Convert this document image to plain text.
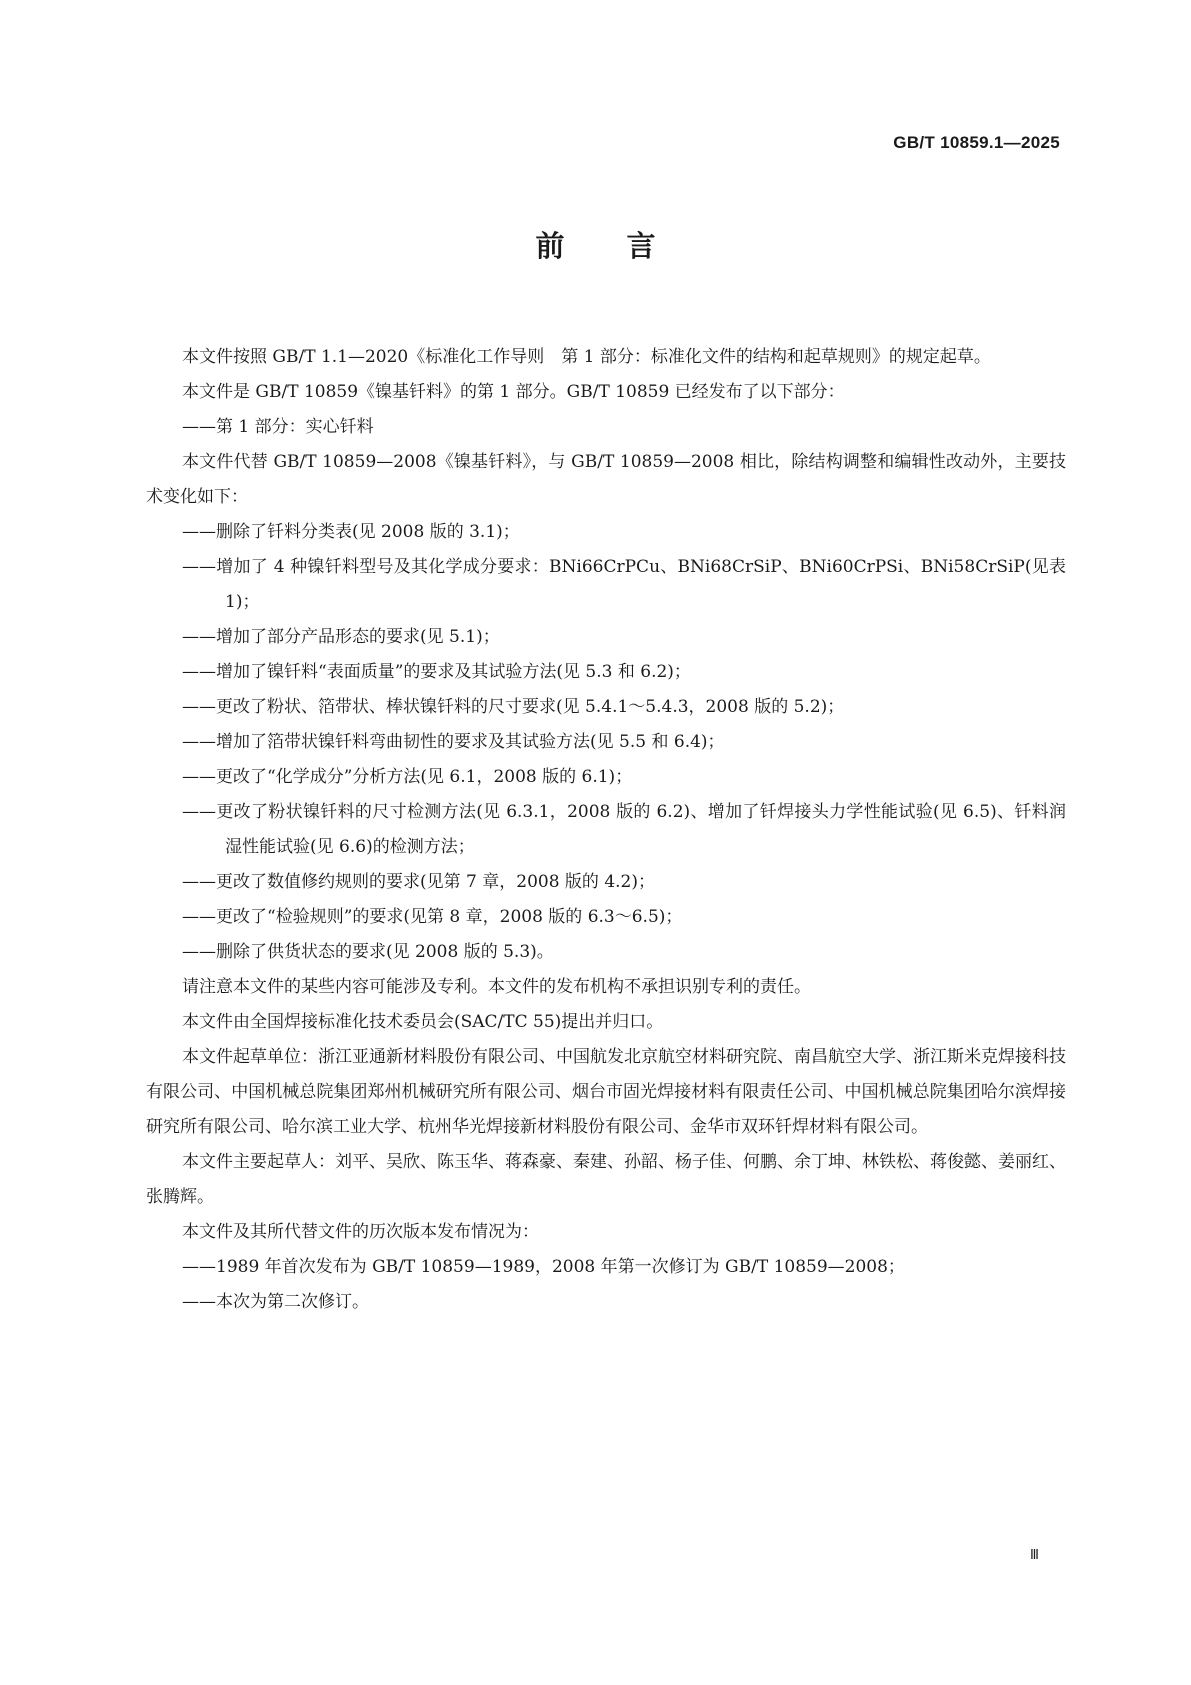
GB/T 10859.1—2025
前言

本文件按照 GB/T 1.1—2020《标准化工作导则　第 1 部分：标准化文件的结构和起草规则》的规定起草。

本文件是 GB/T 10859《镍基钎料》的第 1 部分。GB/T 10859 已经发布了以下部分：

——第 1 部分：实心钎料

本文件代替 GB/T 10859—2008《镍基钎料》，与 GB/T 10859—2008 相比，除结构调整和编辑性改动外，主要技术变化如下：

——删除了钎料分类表(见 2008 版的 3.1)；

——增加了 4 种镍钎料型号及其化学成分要求：BNi66CrPCu、BNi68CrSiP、BNi60CrPSi、BNi58CrSiP(见表 1)；

——增加了部分产品形态的要求(见 5.1)；

——增加了镍钎料“表面质量”的要求及其试验方法(见 5.3 和 6.2)；

——更改了粉状、箔带状、棒状镍钎料的尺寸要求(见 5.4.1～5.4.3，2008 版的 5.2)；

——增加了箔带状镍钎料弯曲韧性的要求及其试验方法(见 5.5 和 6.4)；

——更改了“化学成分”分析方法(见 6.1，2008 版的 6.1)；

——更改了粉状镍钎料的尺寸检测方法(见 6.3.1，2008 版的 6.2)、增加了钎焊接头力学性能试验(见 6.5)、钎料润湿性能试验(见 6.6)的检测方法；

——更改了数值修约规则的要求(见第 7 章，2008 版的 4.2)；

——更改了“检验规则”的要求(见第 8 章，2008 版的 6.3～6.5)；

——删除了供货状态的要求(见 2008 版的 5.3)。

请注意本文件的某些内容可能涉及专利。本文件的发布机构不承担识别专利的责任。

本文件由全国焊接标准化技术委员会(SAC/TC 55)提出并归口。

本文件起草单位：浙江亚通新材料股份有限公司、中国航发北京航空材料研究院、南昌航空大学、浙江斯米克焊接科技有限公司、中国机械总院集团郑州机械研究所有限公司、烟台市固光焊接材料有限责任公司、中国机械总院集团哈尔滨焊接研究所有限公司、哈尔滨工业大学、杭州华光焊接新材料股份有限公司、金华市双环钎焊材料有限公司。

本文件主要起草人：刘平、吴欣、陈玉华、蒋森豪、秦建、孙韶、杨子佳、何鹏、余丁坤、林铁松、蒋俊懿、姜丽红、张腾辉。

本文件及其所代替文件的历次版本发布情况为：

——1989 年首次发布为 GB/T 10859—1989，2008 年第一次修订为 GB/T 10859—2008；

——本次为第二次修订。

Ⅲ
